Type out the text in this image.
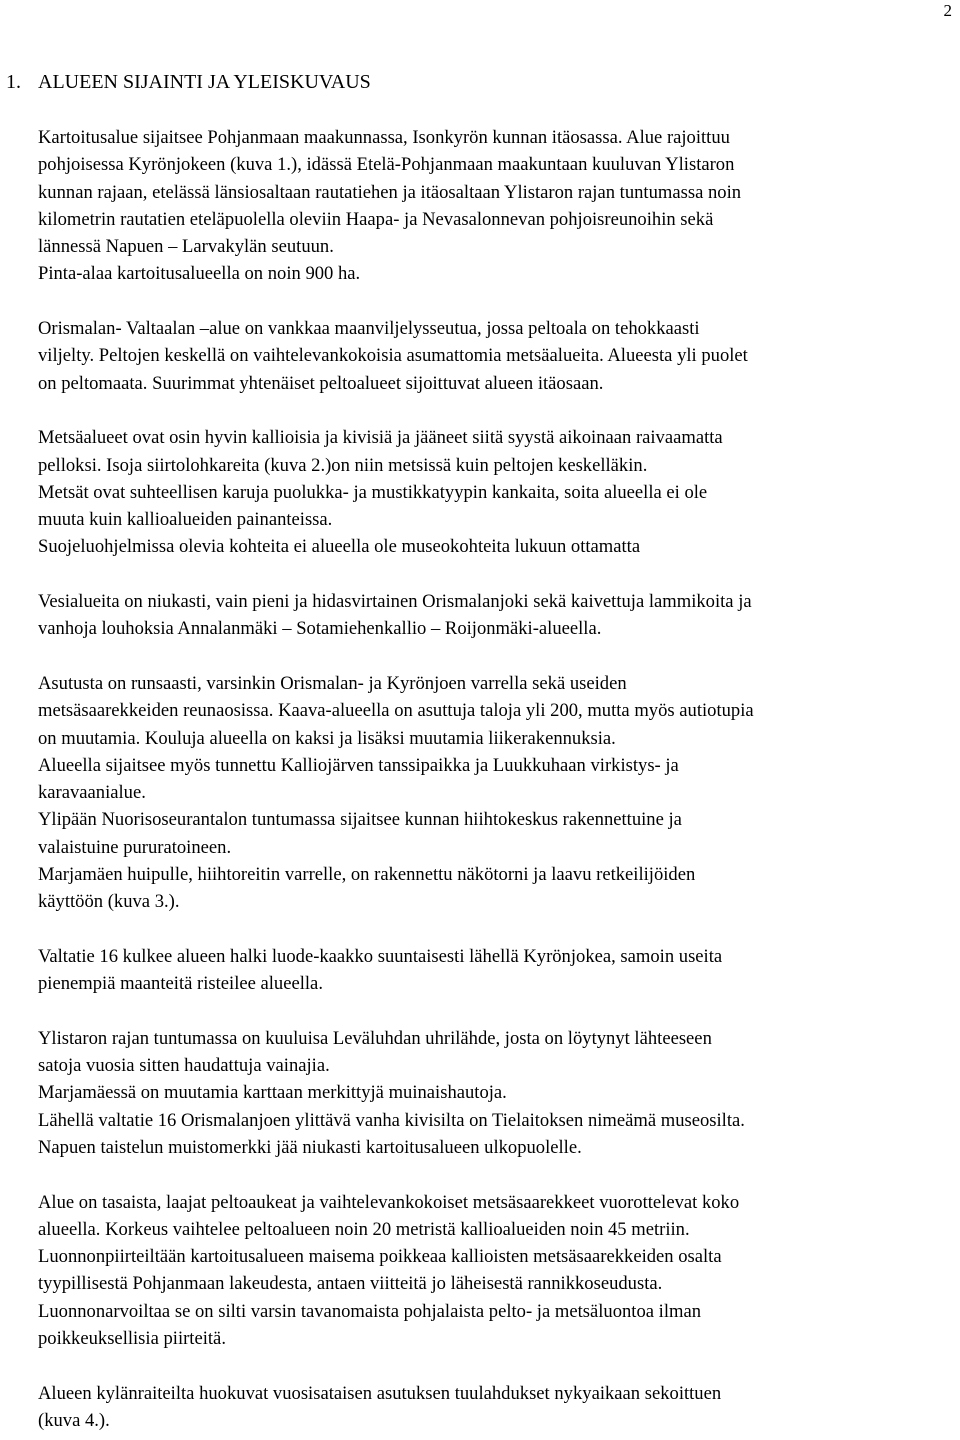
2
1. ALUEEN SIJAINTI JA YLEISKUVAUS
Kartoitusalue sijaitsee Pohjanmaan maakunnassa, Isonkyrön kunnan itäosassa. Alue rajoittuu
pohjoisessa Kyrönjokeen (kuva 1.), idässä Etelä-Pohjanmaan maakuntaan kuuluvan Ylistaron
kunnan rajaan, etelässä länsiosaltaan rautatiehen ja itäosaltaan Ylistaron rajan tuntumassa noin
kilometrin rautatien eteläpuolella oleviin Haapa- ja Nevasalonnevan pohjoisreunoihin sekä
lännessä Napuen – Larvakylän seutuun.
Pinta-alaa kartoitusalueella on noin 900 ha.
Orismalan- Valtaalan –alue on vankkaa maanviljelysseutua, jossa peltoala on tehokkaasti
viljelty. Peltojen keskellä on vaihtelevankokoisia asumattomia metsäalueita. Alueesta yli puolet
on peltomaata. Suurimmat yhtenäiset peltoalueet sijoittuvat alueen itäosaan.
Metsäalueet ovat osin hyvin kallioisia ja kivisiä ja jääneet siitä syystä aikoinaan raivaamatta
pelloksi. Isoja siirtolohkareita (kuva 2.)on niin metsissä kuin peltojen keskelläkin.
Metsät ovat suhteellisen karuja puolukka- ja mustikkatyypin kankaita, soita alueella ei ole
muuta kuin kallioalueiden painanteissa.
Suojeluohjelmissa olevia kohteita ei alueella ole museokohteita lukuun ottamatta
Vesialueita on niukasti, vain pieni ja hidasvirtainen Orismalanjoki sekä kaivettuja lammikoita ja
vanhoja louhoksia Annalanmäki – Sotamiehenkallio – Roijonmäki-alueella.
Asutusta on runsaasti, varsinkin Orismalan- ja Kyrönjoen varrella sekä useiden
metsäsaarekkeiden reunaosissa. Kaava-alueella on asuttuja taloja yli 200, mutta myös autiotupia
on muutamia. Kouluja alueella on kaksi ja lisäksi muutamia liikerakennuksia.
Alueella sijaitsee myös tunnettu Kalliojärven tanssipaikka ja Luukkuhaan virkistys- ja
karavaanialue.
Ylipään Nuorisoseurantalon tuntumassa sijaitsee kunnan hiihtokeskus rakennettuine ja
valaistuine pururatoineen.
Marjamäen huipulle, hiihtoreitin varrelle, on rakennettu näkötorni ja laavu retkeilijöiden
käyttöön (kuva 3.).
Valtatie 16 kulkee alueen halki luode-kaakko suuntaisesti lähellä Kyrönjokea, samoin useita
pienempiä maanteitä risteilee alueella.
Ylistaron rajan tuntumassa on kuuluisa Leväluhdan uhrilähde, josta on löytynyt lähteeseen
satoja vuosia sitten haudattuja vainajia.
Marjamäessä on muutamia karttaan merkittyjä muinaishautoja.
Lähellä valtatie 16 Orismalanjoen ylittävä vanha kivisilta on Tielaitoksen nimeämä museosilta.
Napuen taistelun muistomerkki jää niukasti kartoitusalueen ulkopuolelle.
Alue on tasaista, laajat peltoaukeat ja vaihtelevankokoiset metsäsaarekkeet vuorottelevat koko
alueella. Korkeus vaihtelee peltoalueen noin 20 metristä kallioalueiden noin 45 metriin.
Luonnonpiirteiltään kartoitusalueen maisema poikkeaa kallioisten metsäsaarekkeiden osalta
tyypillisestä Pohjanmaan lakeudesta, antaen viitteitä jo läheisestä rannikkoseudusta.
Luonnonarvoiltaa se on silti varsin tavanomaista pohjalaista pelto- ja metsäluontoa ilman
poikkeuksellisia piirteitä.
Alueen kylänraiteilta huokuvat vuosisataisen asutuksen tuulahdukset nykyaikaan sekoittuen
(kuva 4.).
